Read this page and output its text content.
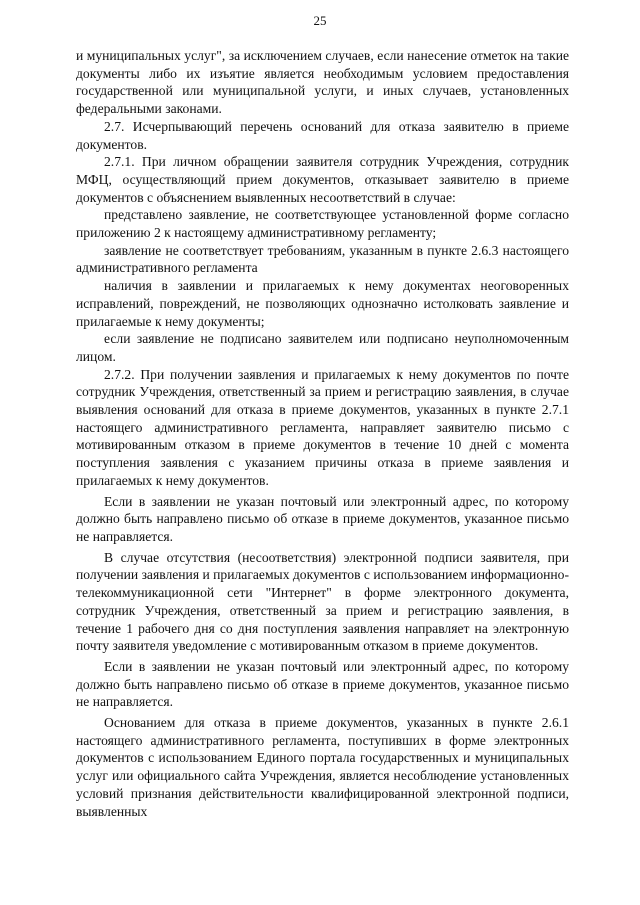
25

и муниципальных услуг", за исключением случаев, если нанесение отметок на такие документы либо их изъятие является необходимым условием предоставления государственной или муниципальной услуги, и иных случаев, установленных федеральными законами.

2.7. Исчерпывающий перечень оснований для отказа заявителю в приеме документов.

2.7.1. При личном обращении заявителя сотрудник Учреждения, сотрудник МФЦ, осуществляющий прием документов, отказывает заявителю в приеме документов с объяснением выявленных несоответствий в случае:

представлено заявление, не соответствующее установленной форме согласно приложению 2 к настоящему административному регламенту;

заявление не соответствует требованиям, указанным в пункте 2.6.3 настоящего административного регламента

наличия в заявлении и прилагаемых к нему документах неоговоренных исправлений, повреждений, не позволяющих однозначно истолковать заявление и прилагаемые к нему документы;

если заявление не подписано заявителем или подписано неуполномоченным лицом.

2.7.2. При получении заявления и прилагаемых к нему документов по почте сотрудник Учреждения, ответственный за прием и регистрацию заявления, в случае выявления оснований для отказа в приеме документов, указанных в пункте 2.7.1 настоящего административного регламента, направляет заявителю письмо с мотивированным отказом в приеме документов в течение 10 дней с момента поступления заявления с указанием причины отказа в приеме заявления и прилагаемых к нему документов.

Если в заявлении не указан почтовый или электронный адрес, по которому должно быть направлено письмо об отказе в приеме документов, указанное письмо не направляется.

В случае отсутствия (несоответствия) электронной подписи заявителя, при получении заявления и прилагаемых документов с использованием информационно-телекоммуникационной сети "Интернет" в форме электронного документа, сотрудник Учреждения, ответственный за прием и регистрацию заявления, в течение 1 рабочего дня со дня поступления заявления направляет на электронную почту заявителя уведомление с мотивированным отказом в приеме документов.

Если в заявлении не указан почтовый или электронный адрес, по которому должно быть направлено письмо об отказе в приеме документов, указанное письмо не направляется.

Основанием для отказа в приеме документов, указанных в пункте 2.6.1 настоящего административного регламента, поступивших в форме электронных документов с использованием Единого портала государственных и муниципальных услуг или официального сайта Учреждения, является несоблюдение установленных условий признания действительности квалифицированной электронной подписи, выявленных
